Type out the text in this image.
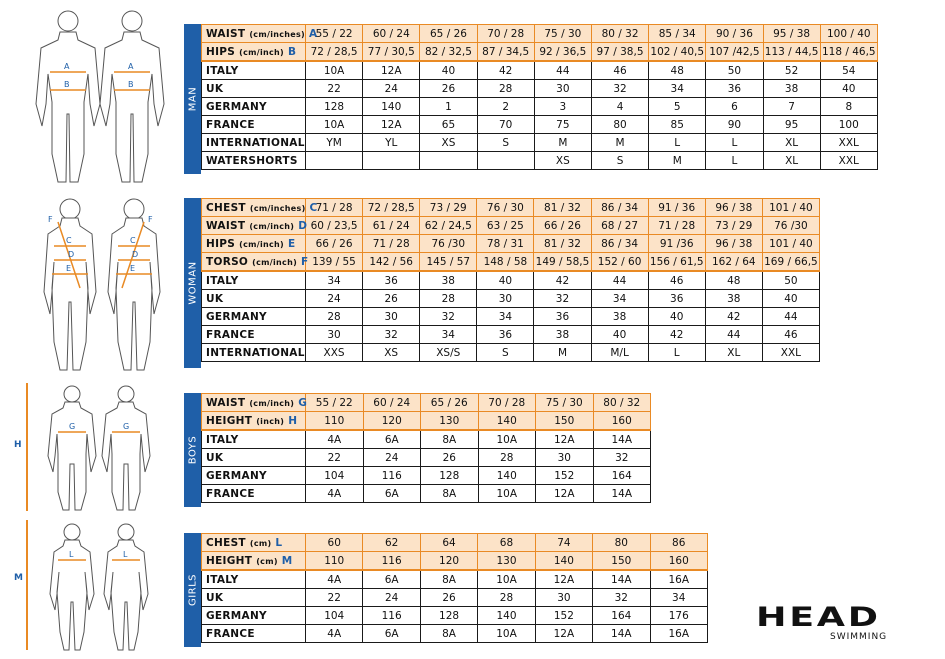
A
B
A
B
MAN
WAIST (cm/inches) A	55 / 22	60 / 24	65 / 26	70 / 28	75 / 30	80 / 32	85 / 34	90 / 36	95 / 38	100 / 40
HIPS (cm/inch) B	72 / 28,5	77 / 30,5	82 / 32,5	87 / 34,5	92 / 36,5	97 / 38,5	102 / 40,5	107 /42,5	113 / 44,5	118 / 46,5
ITALY	10A	12A	40	42	44	46	48	50	52	54
UK	22	24	26	28	30	32	34	36	38	40
GERMANY	128	140	1	2	3	4	5	6	7	8
FRANCE	10A	12A	65	70	75	80	85	90	95	100
INTERNATIONAL	YM	YL	XS	S	M	M	L	L	XL	XXL
WATERSHORTS					XS	S	M	L	XL	XXL
C
D
E
F
C
D
E
F
WOMAN
CHEST (cm/inches) C	71 / 28	72 / 28,5	73 / 29	76 / 30	81 / 32	86 / 34	91 / 36	96 / 38	101 / 40
WAIST (cm/inch) D	60 / 23,5	61 / 24	62 / 24,5	63 / 25	66 / 26	68 / 27	71 / 28	73 / 29	76 /30
HIPS (cm/inch) E	66 / 26	71 / 28	76 /30	78 / 31	81 / 32	86 / 34	91 /36	96 / 38	101 / 40
TORSO (cm/inch) F	139 / 55	142 / 56	145 / 57	148 / 58	149 / 58,5	152 / 60	156 / 61,5	162 / 64	169 / 66,5
ITALY	34	36	38	40	42	44	46	48	50
UK	24	26	28	30	32	34	36	38	40
GERMANY	28	30	32	34	36	38	40	42	44
FRANCE	30	32	34	36	38	40	42	44	46
INTERNATIONAL	XXS	XS	XS/S	S	M	M/L	L	XL	XXL
H
G	G
BOYS
WAIST (cm/inch) G	55 / 22	60 / 24	65 / 26	70 / 28	75 / 30	80 / 32
HEIGHT (inch) H	110	120	130	140	150	160
ITALY	4A	6A	8A	10A	12A	14A
UK	22	24	26	28	30	32
GERMANY	104	116	128	140	152	164
FRANCE	4A	6A	8A	10A	12A	14A
M
L	L
GIRLS
CHEST (cm) L	60	62	64	68	74	80	86
HEIGHT (cm) M	110	116	120	130	140	150	160
ITALY	4A	6A	8A	10A	12A	14A	16A
UK	22	24	26	28	30	32	34
GERMANY	104	116	128	140	152	164	176
FRANCE	4A	6A	8A	10A	12A	14A	16A
HEAD
SWIMMING
